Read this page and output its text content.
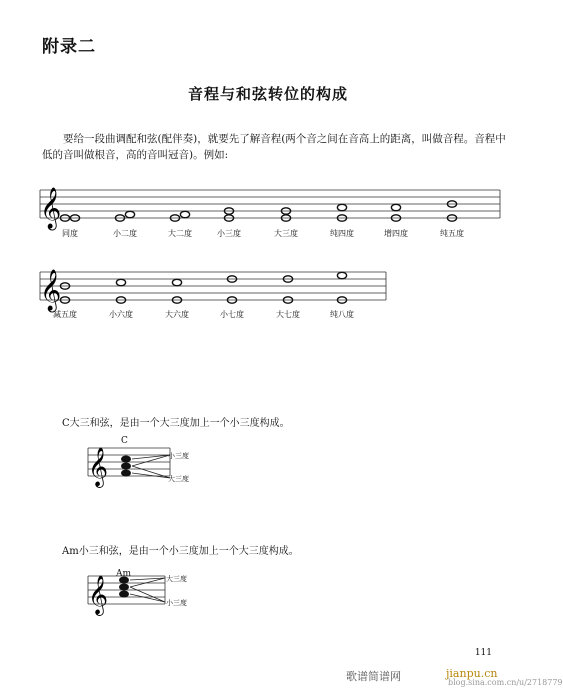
附录二
音程与和弦转位的构成
要给一段曲调配和弦(配伴奏)，就要先了解音程(两个音之间在音高上的距离，叫做音程。音程中低的音叫做根音，高的音叫冠音)。例如:
𝄞
𝄞
𝄞
𝄞
同度	小二度	大二度	小三度	大三度	纯四度	增四度	纯五度
减五度	小六度	大六度	小七度	大七度	纯八度
C大三和弦，是由一个大三度加上一个小三度构成。
C
小三度
大三度
Am小三和弦，是由一个小三度加上一个大三度构成。
Am	大三度
小三度
111
歌谱简谱网	jianpu.cn
blog.sina.com.cn/u/2718779
